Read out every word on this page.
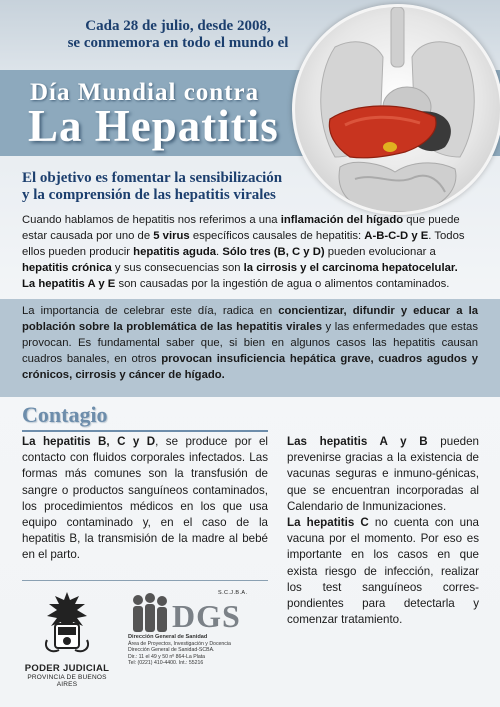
Cada 28 de julio, desde 2008,
se conmemora en todo el mundo el
Día Mundial contra
La Hepatitis
El objetivo es fomentar la sensibilización
y la comprensión de las hepatitis virales
Cuando hablamos de hepatitis nos referimos a una inflamación del hígado que puede estar causada por uno de 5 virus específicos causales de hepatitis: A-B-C-D y E. Todos ellos pueden producir hepatitis aguda. Sólo tres (B, C y D) pueden evolucionar a hepatitis crónica y sus consecuencias son la cirrosis y el carcinoma hepatocelular.
La hepatitis A y E son causadas por la ingestión de agua o alimentos contaminados.
La importancia de celebrar este día, radica en concientizar, difundir y educar a la población sobre la problemática de las hepatitis virales y las enfermedades que estas provocan. Es fundamental saber que, si bien en algunos casos las hepatitis causan cuadros banales, en otros provocan insuficiencia hepática grave, cuadros agudos y crónicos, cirrosis y cáncer de hígado.
Contagio
La hepatitis B, C y D, se produce por el contacto con fluidos corporales infectados. Las formas más comunes son la transfusión de sangre o productos sanguíneos contaminados, los procedimientos médicos en los que usa equipo contaminado y, en el caso de la hepatitis B, la transmisión de la madre al bebé en el parto.
Las hepatitis A y B pueden prevenirse gracias a la existencia de vacunas seguras e inmuno-génicas, que se encuentran incorporadas al Calendario de Inmunizaciones.
La hepatitis C no cuenta con una vacuna por el momento. Por eso es importante en los casos en que exista riesgo de infección, realizar los test sanguíneos corres-pondientes para detectarla y comenzar tratamiento.
PODER JUDICIAL
PROVINCIA DE BUENOS AIRES
S.C.J.B.A.
DGS
Dirección General de Sanidad
Área de Proyectos, Investigación y Docencia
Dirección General de Sanidad-SCBA.
Dir.: 11 el 49 y 50 nº 864-La Plata
Tel: (0221) 410-4400. Int.: 55216
